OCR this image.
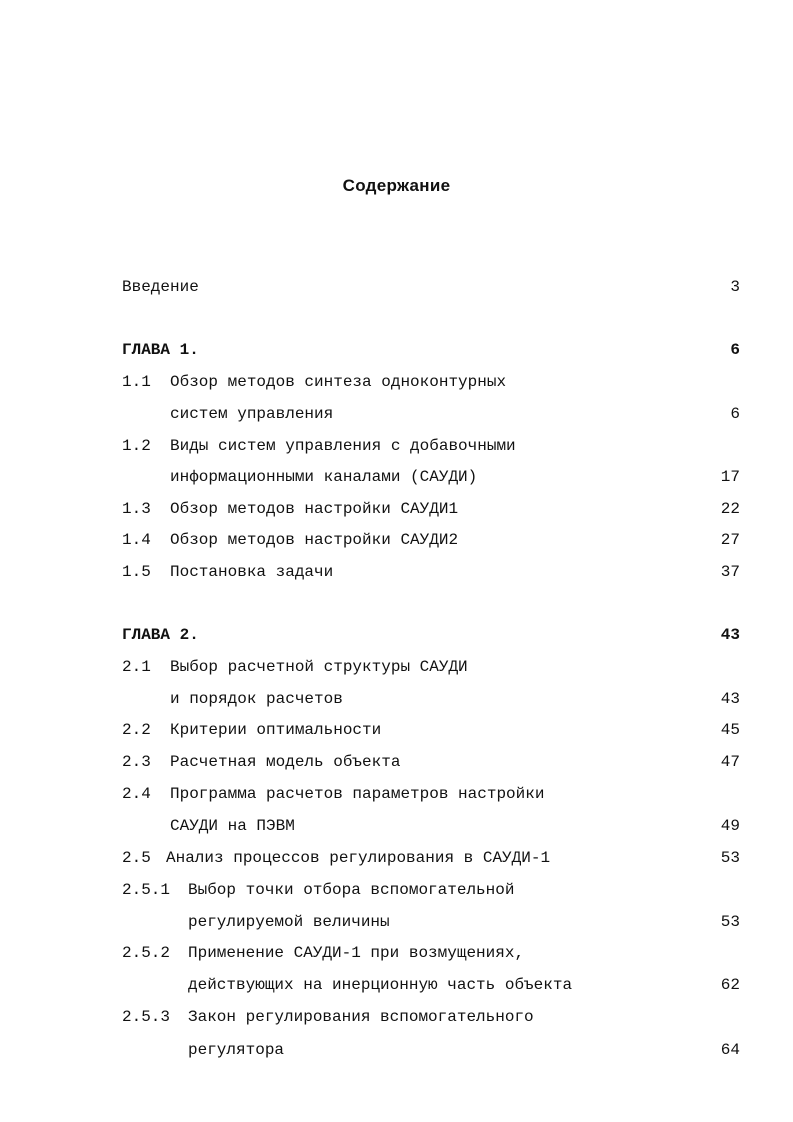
Содержание
Введение	3
ГЛАВА 1.	6
1.1 Обзор методов синтеза одноконтурных
систем управления	6
1.2 Виды систем управления с добавочными
информационными каналами (САУДИ)	17
1.3 Обзор методов настройки САУДИ1	22
1.4 Обзор методов настройки САУДИ2	27
1.5 Постановка задачи	37
ГЛАВА 2.	43
2.1 Выбор расчетной структуры САУДИ
и порядок расчетов	43
2.2 Критерии оптимальности	45
2.3 Расчетная модель объекта	47
2.4 Программа расчетов параметров настройки
САУДИ на ПЭВМ	49
2.5 Анализ процессов регулирования в САУДИ-1	53
2.5.1 Выбор точки отбора вспомогательной
регулируемой величины	53
2.5.2 Применение САУДИ-1 при возмущениях,
действующих на инерционную часть объекта	62
2.5.3 Закон регулирования вспомогательного
регулятора	64
